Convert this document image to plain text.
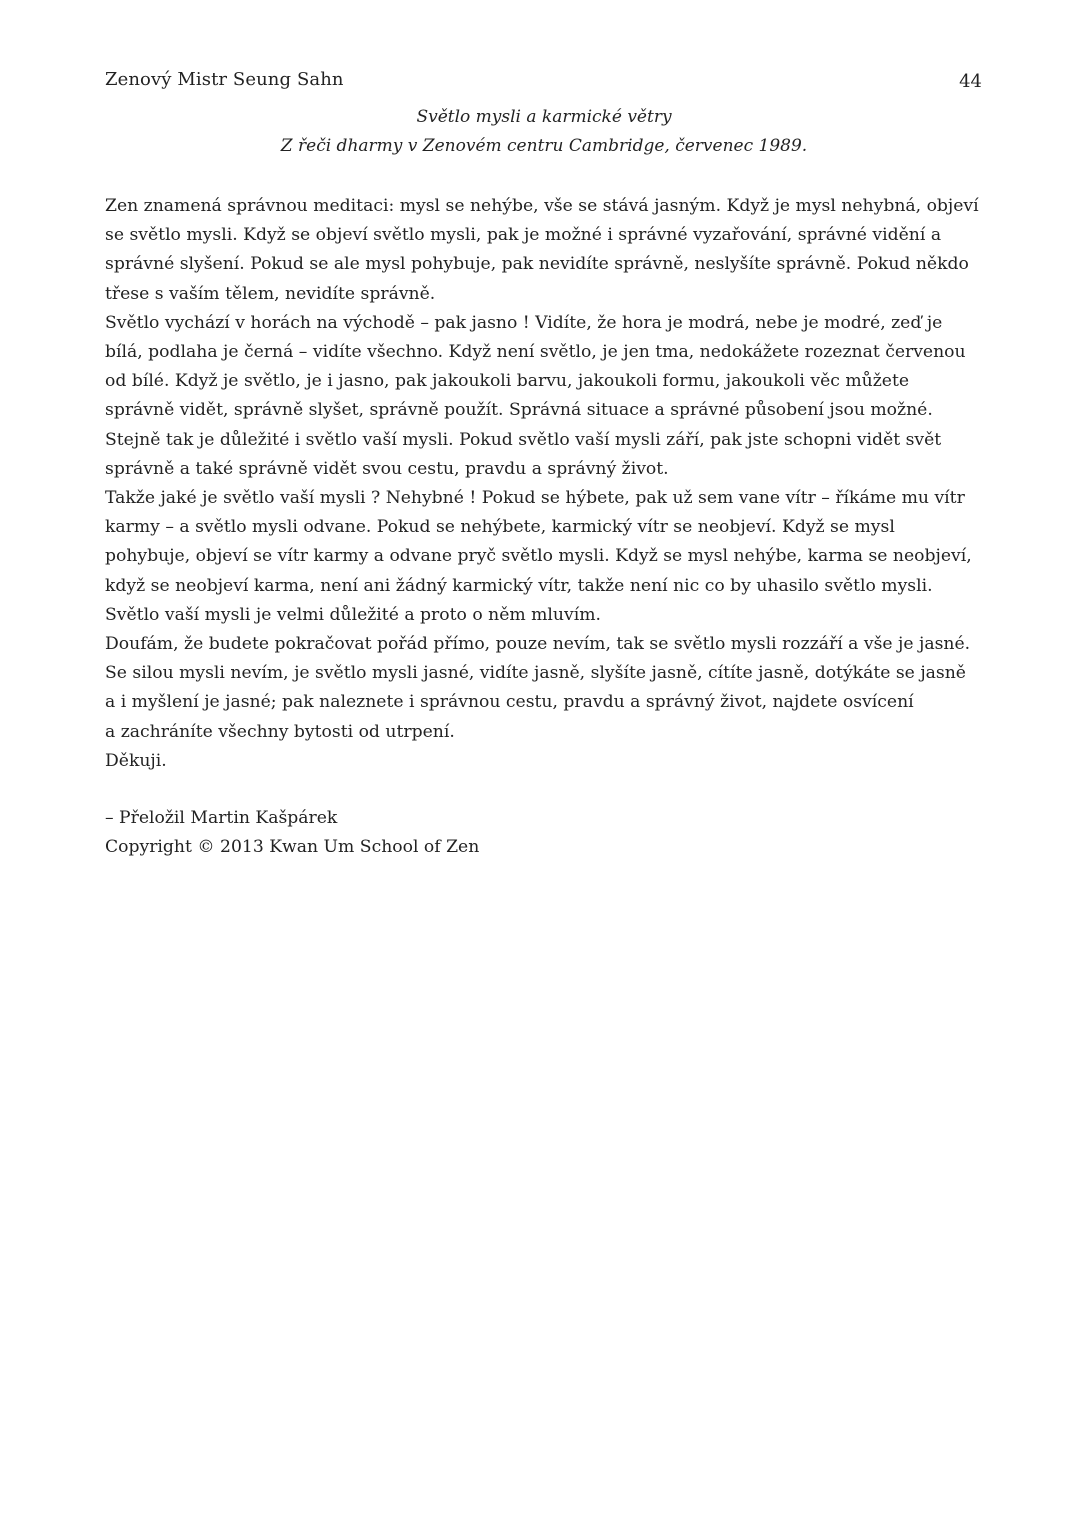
Zenový Mistr Seung Sahn	44
Světlo mysli a karmické větry
Z řeči dharmy v Zenovém centru Cambridge, červenec 1989.

Zen znamená správnou meditaci: mysl se nehýbe, vše se stává jasným. Když je mysl nehybná, objeví
se světlo mysli. Když se objeví světlo mysli, pak je možné i správné vyzařování, správné vidění a
správné slyšení. Pokud se ale mysl pohybuje, pak nevidíte správně, neslyšíte správně. Pokud někdo
třese s vaším tělem, nevidíte správně.

Světlo vychází v horách na východě – pak jasno ! Vidíte, že hora je modrá, nebe je modré, zeď je
bílá, podlaha je černá – vidíte všechno. Když není světlo, je jen tma, nedokážete rozeznat červenou
od bílé. Když je světlo, je i jasno, pak jakoukoli barvu, jakoukoli formu, jakoukoli věc můžete
správně vidět, správně slyšet, správně použít. Správná situace a správné působení jsou možné.
Stejně tak je důležité i světlo vaší mysli. Pokud světlo vaší mysli září, pak jste schopni vidět svět
správně a také správně vidět svou cestu, pravdu a správný život.

Takže jaké je světlo vaší mysli ? Nehybné ! Pokud se hýbete, pak už sem vane vítr – říkáme mu vítr
karmy – a světlo mysli odvane. Pokud se nehýbete, karmický vítr se neobjeví. Když se mysl
pohybuje, objeví se vítr karmy a odvane pryč světlo mysli. Když se mysl nehýbe, karma se neobjeví,
když se neobjeví karma, není ani žádný karmický vítr, takže není nic co by uhasilo světlo mysli.
Světlo vaší mysli je velmi důležité a proto o něm mluvím.

Doufám, že budete pokračovat pořád přímo, pouze nevím, tak se světlo mysli rozzáří a vše je jasné.
Se silou mysli nevím, je světlo mysli jasné, vidíte jasně, slyšíte jasně, cítíte jasně, dotýkáte se jasně
a i myšlení je jasné; pak naleznete i správnou cestu, pravdu a správný život, najdete osvícení
a zachráníte všechny bytosti od utrpení.

Děkuji.

– Přeložil Martin Kašpárek
Copyright © 2013 Kwan Um School of Zen
